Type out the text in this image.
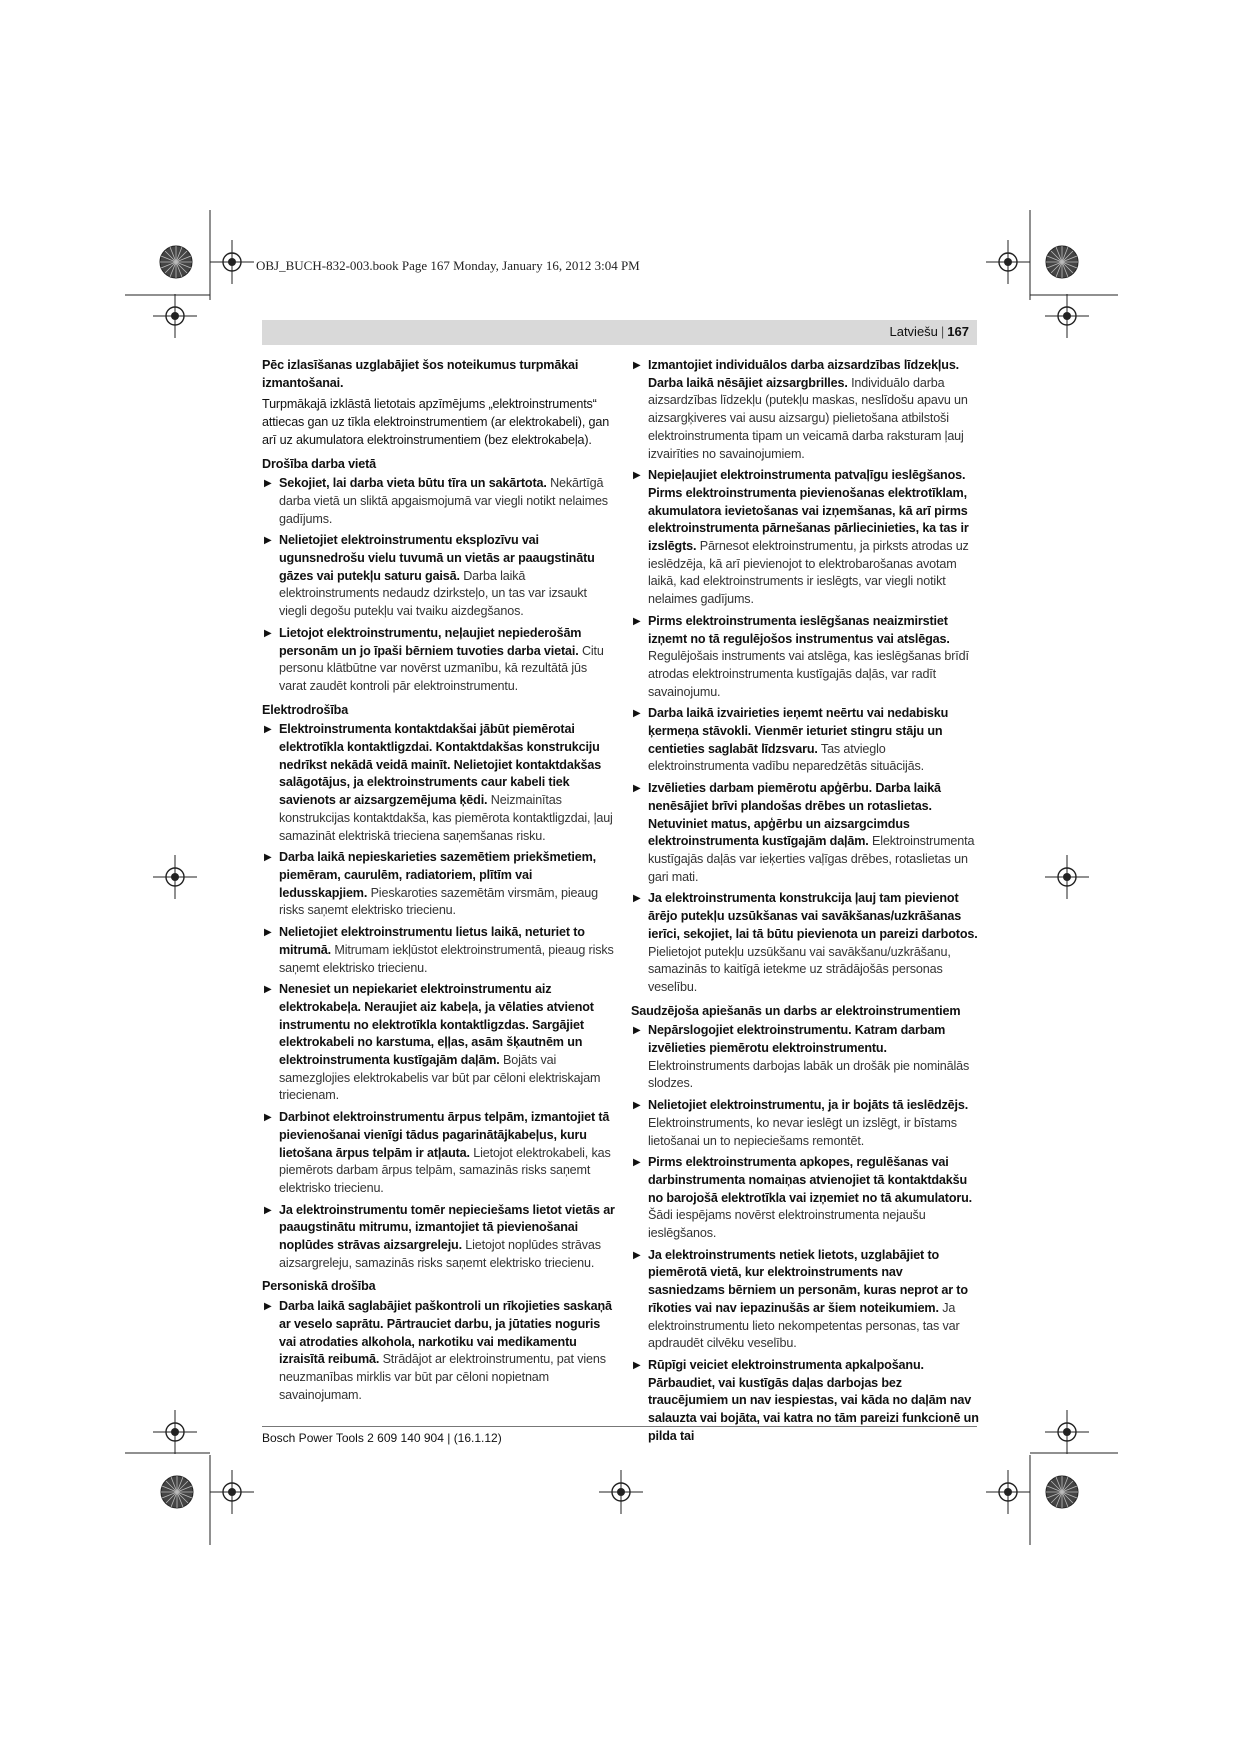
OBJ_BUCH-832-003.book Page 167 Monday, January 16, 2012 3:04 PM
Latviešu | 167

Pēc izlasīšanas uzglabājiet šos noteikumus turpmākai izmantošanai.

Turpmākajā izklāstā lietotais apzīmējums „elektroinstruments“ attiecas gan uz tīkla elektroinstrumentiem (ar elektrokabeli), gan arī uz akumulatora elektroinstrumentiem (bez elektrokabeļa).

Drošība darba vietā

▶ Sekojiet, lai darba vieta būtu tīra un sakārtota. Nekārtīgā darba vietā un sliktā apgaismojumā var viegli notikt nelaimes gadījums.

▶ Nelietojiet elektroinstrumentu eksplozīvu vai ugunsnedrošu vielu tuvumā un vietās ar paaugstinātu gāzes vai putekļu saturu gaisā. Darba laikā elektroinstruments nedaudz dzirksteļo, un tas var izsaukt viegli degošu putekļu vai tvaiku aizdegšanos.

▶ Lietojot elektroinstrumentu, neļaujiet nepiederošām personām un jo īpaši bērniem tuvoties darba vietai. Citu personu klātbūtne var novērst uzmanību, kā rezultātā jūs varat zaudēt kontroli pār elektroinstrumentu.

Elektrodrošība

▶ Elektroinstrumenta kontaktdakšai jābūt piemērotai elektrotīkla kontaktligzdai. Kontaktdakšas konstrukciju nedrīkst nekādā veidā mainīt. Nelietojiet kontaktdakšas salāgotājus, ja elektroinstruments caur kabeli tiek savienots ar aizsargzemējuma ķēdi. Neizmainītas konstrukcijas kontaktdakša, kas piemērota kontaktligzdai, ļauj samazināt elektriskā trieciena saņemšanas risku.

▶ Darba laikā nepieskarieties sazemētiem priekšmetiem, piemēram, caurulēm, radiatoriem, plītīm vai ledusskapjiem. Pieskaroties sazemētām virsmām, pieaug risks saņemt elektrisko triecienu.

▶ Nelietojiet elektroinstrumentu lietus laikā, neturiet to mitrumā. Mitrumam iekļūstot elektroinstrumentā, pieaug risks saņemt elektrisko triecienu.

▶ Nenesiet un nepiekariet elektroinstrumentu aiz elektrokabeļa. Neraujiet aiz kabeļa, ja vēlaties atvienot instrumentu no elektrotīkla kontaktligzdas. Sargājiet elektrokabeli no karstuma, eļļas, asām šķautnēm un elektroinstrumenta kustīgajām daļām. Bojāts vai samezglojies elektrokabelis var būt par cēloni elektriskajam triecienam.

▶ Darbinot elektroinstrumentu ārpus telpām, izmantojiet tā pievienošanai vienīgi tādus pagarinātājkabeļus, kuru lietošana ārpus telpām ir atļauta. Lietojot elektrokabeli, kas piemērots darbam ārpus telpām, samazinās risks saņemt elektrisko triecienu.

▶ Ja elektroinstrumentu tomēr nepieciešams lietot vietās ar paaugstinātu mitrumu, izmantojiet tā pievienošanai noplūdes strāvas aizsargreleju. Lietojot noplūdes strāvas aizsargreleju, samazinās risks saņemt elektrisko triecienu.

Personiskā drošība

▶ Darba laikā saglabājiet paškontroli un rīkojieties saskaņā ar veselo saprātu. Pārtrauciet darbu, ja jūtaties noguris vai atrodaties alkohola, narkotiku vai medikamentu izraisītā reibumā. Strādājot ar elektroinstrumentu, pat viens neuzmanības mirklis var būt par cēloni nopietnam savainojumam.

▶ Izmantojiet individuālos darba aizsardzības līdzekļus. Darba laikā nēsājiet aizsargbrilles. Individuālo darba aizsardzības līdzekļu (putekļu maskas, neslīdošu apavu un aizsargķiveres vai ausu aizsargu) pielietošana atbilstoši elektroinstrumenta tipam un veicamā darba raksturam ļauj izvairīties no savainojumiem.

▶ Nepieļaujiet elektroinstrumenta patvaļīgu ieslēgšanos. Pirms elektroinstrumenta pievienošanas elektrotīklam, akumulatora ievietošanas vai izņemšanas, kā arī pirms elektroinstrumenta pārnešanas pārliecinieties, ka tas ir izslēgts. Pārnesot elektroinstrumentu, ja pirksts atrodas uz ieslēdzēja, kā arī pievienojot to elektrobarošanas avotam laikā, kad elektroinstruments ir ieslēgts, var viegli notikt nelaimes gadījums.

▶ Pirms elektroinstrumenta ieslēgšanas neaizmirstiet izņemt no tā regulējošos instrumentus vai atslēgas. Regulējošais instruments vai atslēga, kas ieslēgšanas brīdī atrodas elektroinstrumenta kustīgajās daļās, var radīt savainojumu.

▶ Darba laikā izvairieties ieņemt neērtu vai nedabisku ķermeņa stāvokli. Vienmēr ieturiet stingru stāju un centieties saglabāt līdzsvaru. Tas atvieglo elektroinstrumenta vadību neparedzētās situācijās.

▶ Izvēlieties darbam piemērotu apģērbu. Darba laikā nenēsājiet brīvi plandošas drēbes un rotaslietas. Netuviniet matus, apģērbu un aizsargcimdus elektroinstrumenta kustīgajām daļām. Elektroinstrumenta kustīgajās daļās var ieķerties vaļīgas drēbes, rotaslietas un gari mati.

▶ Ja elektroinstrumenta konstrukcija ļauj tam pievienot ārējo putekļu uzsūkšanas vai savākšanas/uzkrāšanas ierīci, sekojiet, lai tā būtu pievienota un pareizi darbotos. Pielietojot putekļu uzsūkšanu vai savākšanu/uzkrāšanu, samazinās to kaitīgā ietekme uz strādājošās personas veselību.

Saudzējoša apiešanās un darbs ar elektroinstrumentiem

▶ Nepārslogojiet elektroinstrumentu. Katram darbam izvēlieties piemērotu elektroinstrumentu. Elektroinstruments darbojas labāk un drošāk pie nominālās slodzes.

▶ Nelietojiet elektroinstrumentu, ja ir bojāts tā ieslēdzējs. Elektroinstruments, ko nevar ieslēgt un izslēgt, ir bīstams lietošanai un to nepieciešams remontēt.

▶ Pirms elektroinstrumenta apkopes, regulēšanas vai darbinstrumenta nomaiņas atvienojiet tā kontaktdakšu no barojošā elektrotīkla vai izņemiet no tā akumulatoru. Šādi iespējams novērst elektroinstrumenta nejaušu ieslēgšanos.

▶ Ja elektroinstruments netiek lietots, uzglabājiet to piemērotā vietā, kur elektroinstruments nav sasniedzams bērniem un personām, kuras neprot ar to rīkoties vai nav iepazinušās ar šiem noteikumiem. Ja elektroinstrumentu lieto nekompetentas personas, tas var apdraudēt cilvēku veselību.

▶ Rūpīgi veiciet elektroinstrumenta apkalpošanu. Pārbaudiet, vai kustīgās daļas darbojas bez traucējumiem un nav iespiestas, vai kāda no daļām nav salauzta vai bojāta, vai katra no tām pareizi funkcionē un pilda tai

Bosch Power Tools 2 609 140 904 | (16.1.12)
